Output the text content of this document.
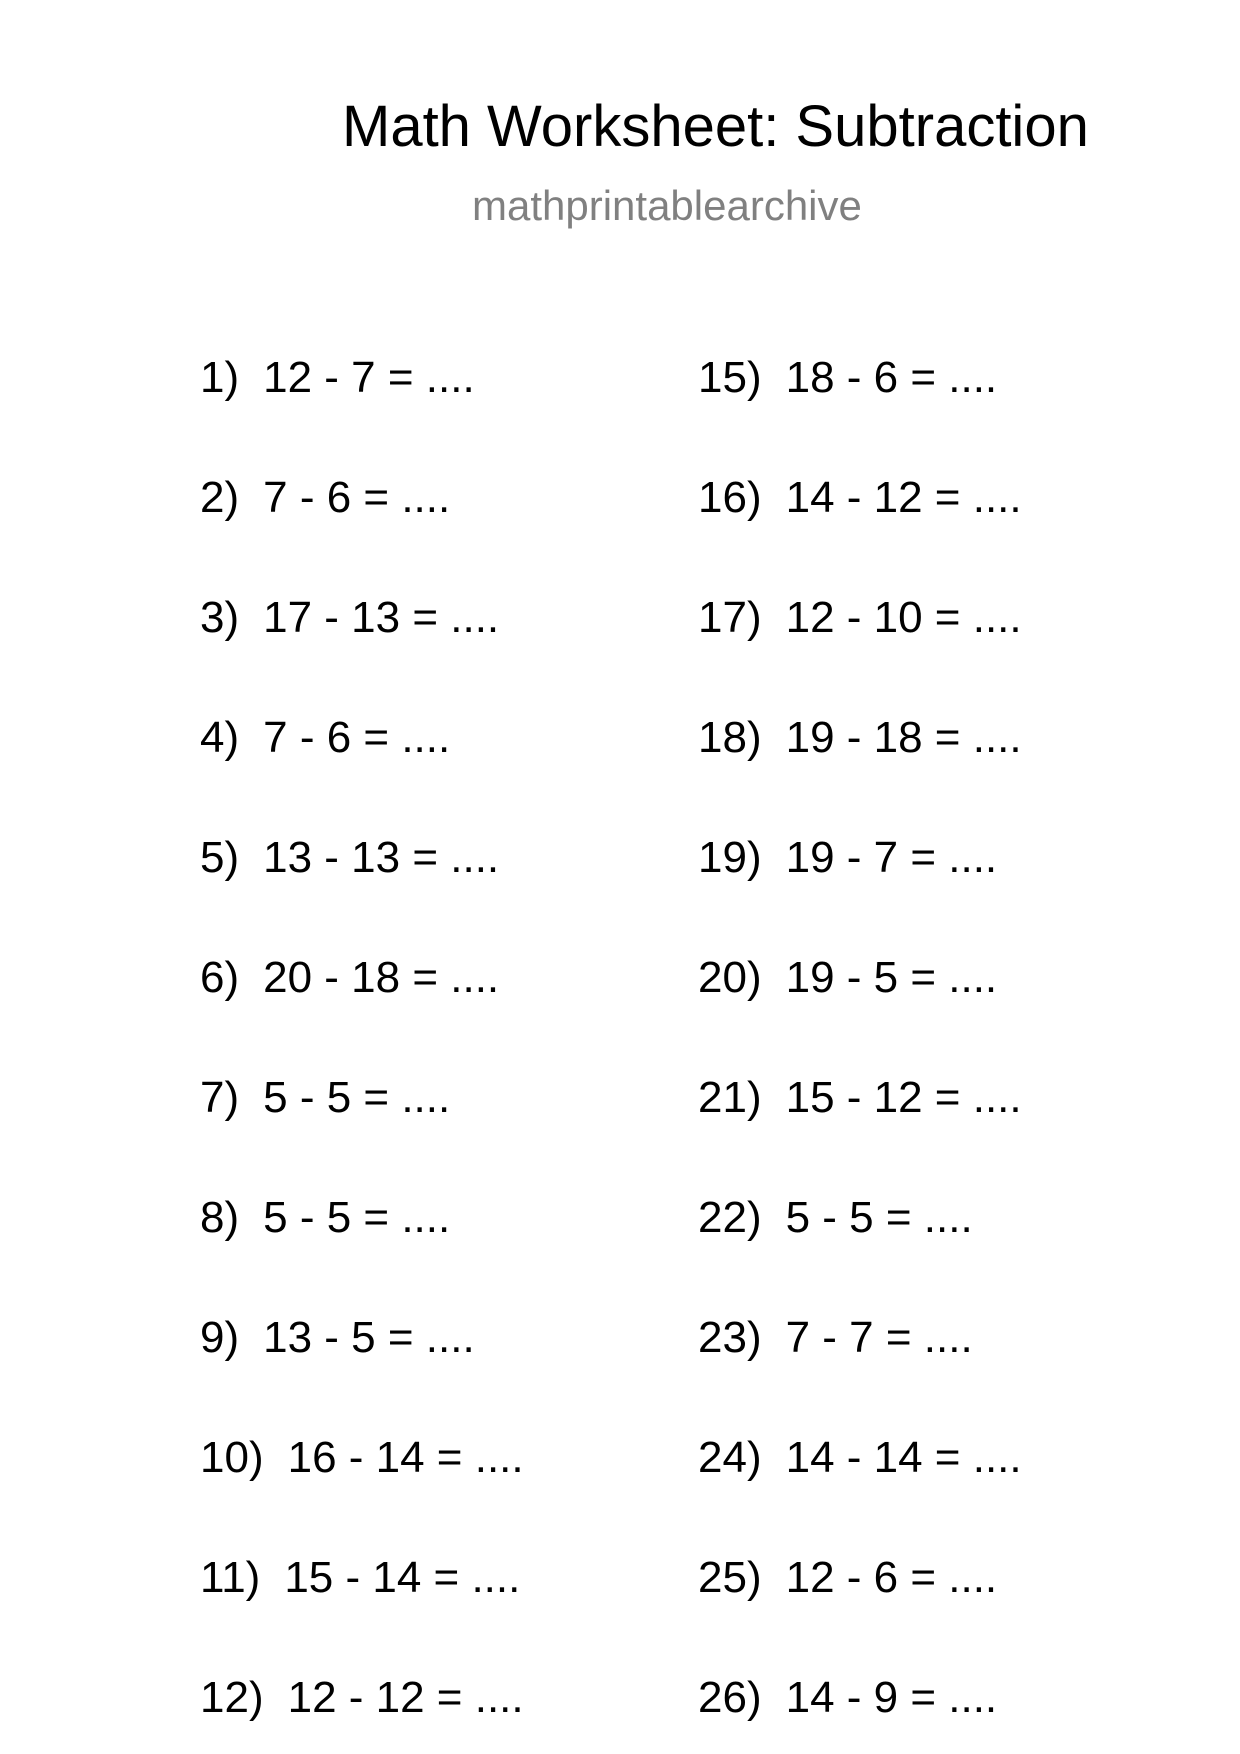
Math Worksheet: Subtraction
mathprintablearchive
1) 12 - 7 = ....
2) 7 - 6 = ....
3) 17 - 13 = ....
4) 7 - 6 = ....
5) 13 - 13 = ....
6) 20 - 18 = ....
7) 5 - 5 = ....
8) 5 - 5 = ....
9) 13 - 5 = ....
10) 16 - 14 = ....
11) 15 - 14 = ....
12) 12 - 12 = ....
15) 18 - 6 = ....
16) 14 - 12 = ....
17) 12 - 10 = ....
18) 19 - 18 = ....
19) 19 - 7 = ....
20) 19 - 5 = ....
21) 15 - 12 = ....
22) 5 - 5 = ....
23) 7 - 7 = ....
24) 14 - 14 = ....
25) 12 - 6 = ....
26) 14 - 9 = ....
